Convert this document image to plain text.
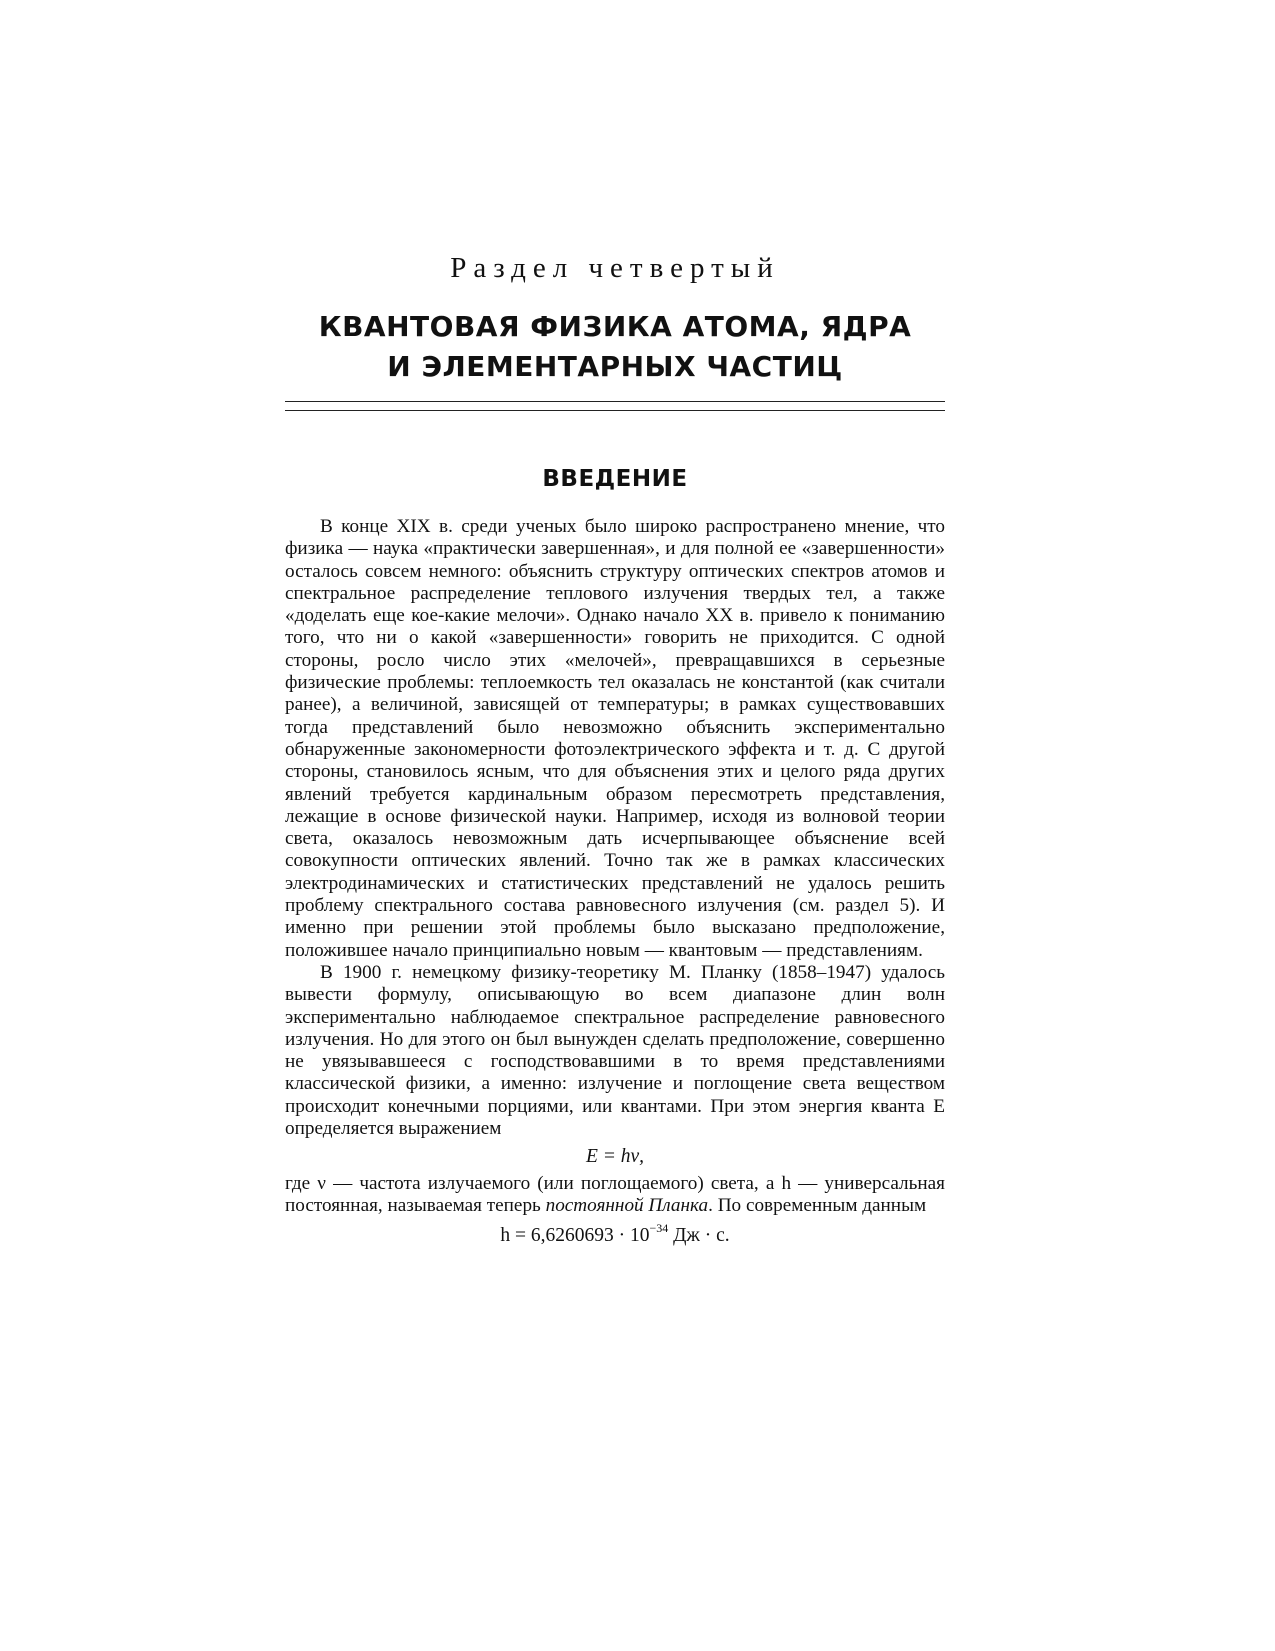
Раздел четвертый
КВАНТОВАЯ ФИЗИКА АТОМА, ЯДРА
И ЭЛЕМЕНТАРНЫХ ЧАСТИЦ
ВВЕДЕНИЕ

В конце XIX в. среди ученых было широко распространено мнение, что физика — наука «практически завершенная», и для полной ее «завершенности» осталось совсем немного: объяснить структуру оптических спектров атомов и спектральное распределение теплового излучения твердых тел, а также «доделать еще кое-какие мелочи». Однако начало XX в. привело к пониманию того, что ни о какой «завершенности» говорить не приходится. С одной стороны, росло число этих «мелочей», превращавшихся в серьезные физические проблемы: теплоемкость тел оказалась не константой (как считали ранее), а величиной, зависящей от температуры; в рамках существовавших тогда представлений было невозможно объяснить экспериментально обнаруженные закономерности фотоэлектрического эффекта и т. д. С другой стороны, становилось ясным, что для объяснения этих и целого ряда других явлений требуется кардинальным образом пересмотреть представления, лежащие в основе физической науки. Например, исходя из волновой теории света, оказалось невозможным дать исчерпывающее объяснение всей совокупности оптических явлений. Точно так же в рамках классических электродинамических и статистических представлений не удалось решить проблему спектрального состава равновесного излучения (см. раздел 5). И именно при решении этой проблемы было высказано предположение, положившее начало принципиально новым — квантовым — представлениям.

В 1900 г. немецкому физику-теоретику М. Планку (1858–1947) удалось вывести формулу, описывающую во всем диапазоне длин волн экспериментально наблюдаемое спектральное распределение равновесного излучения. Но для этого он был вынужден сделать предположение, совершенно не увязывавшееся с господствовавшими в то время представлениями классической физики, а именно: излучение и поглощение света веществом происходит конечными порциями, или квантами. При этом энергия кванта E определяется выражением

E = hν,

где ν — частота излучаемого (или поглощаемого) света, а h — универсальная постоянная, называемая теперь постоянной Планка. По современным данным

$h = 6,6260693 \cdot 10^{-34}$ Дж · с.
